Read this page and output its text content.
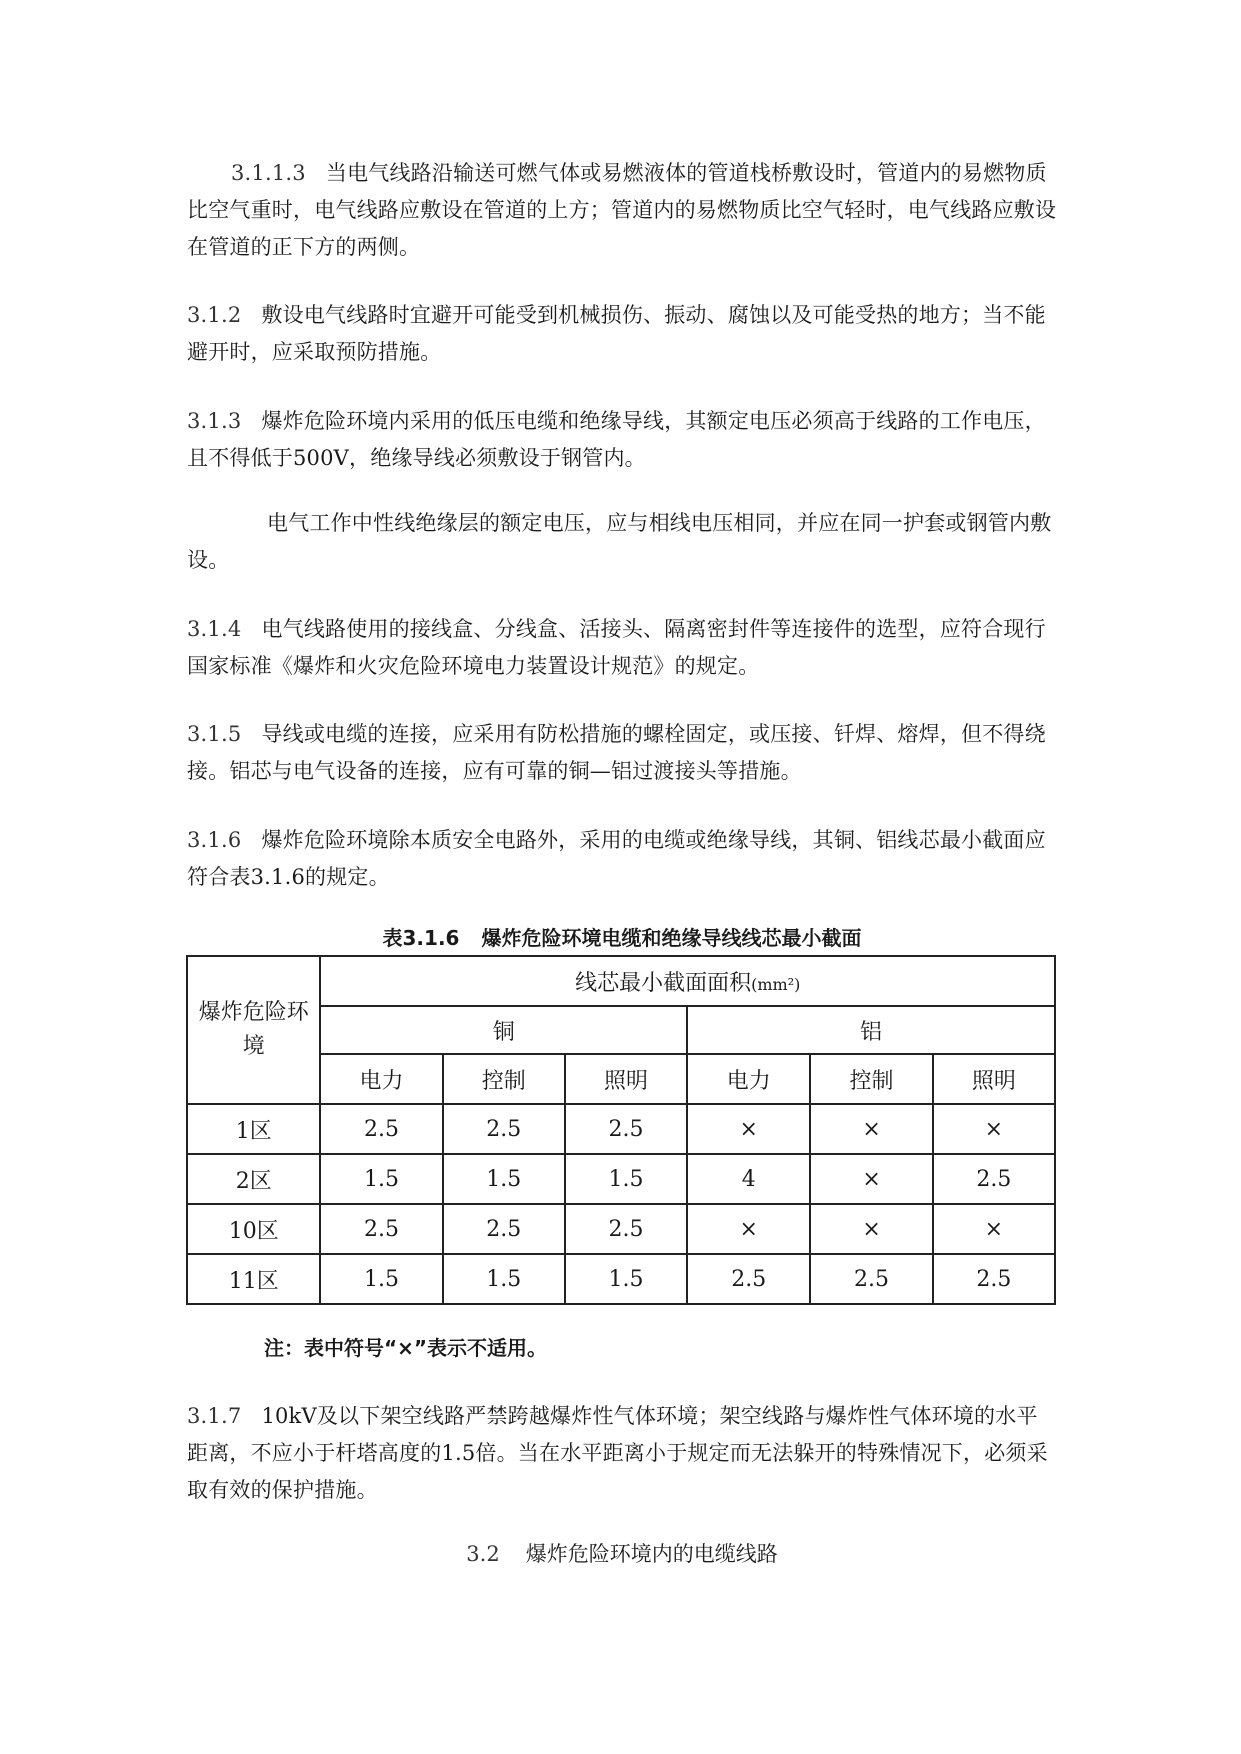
3.1.1.3 当电气线路沿输送可燃气体或易燃液体的管道栈桥敷设时，管道内的易燃物质比空气重时，电气线路应敷设在管道的上方；管道内的易燃物质比空气轻时，电气线路应敷设在管道的正下方的两侧。

3.1.2 敷设电气线路时宜避开可能受到机械损伤、振动、腐蚀以及可能受热的地方；当不能避开时，应采取预防措施。

3.1.3 爆炸危险环境内采用的低压电缆和绝缘导线，其额定电压必须高于线路的工作电压，且不得低于500V，绝缘导线必须敷设于钢管内。

电气工作中性线绝缘层的额定电压，应与相线电压相同，并应在同一护套或钢管内敷设。

3.1.4 电气线路使用的接线盒、分线盒、活接头、隔离密封件等连接件的选型，应符合现行国家标准《爆炸和火灾危险环境电力装置设计规范》的规定。

3.1.5 导线或电缆的连接，应采用有防松措施的螺栓固定，或压接、钎焊、熔焊，但不得绕接。铝芯与电气设备的连接，应有可靠的铜—铝过渡接头等措施。

3.1.6 爆炸危险环境除本质安全电路外，采用的电缆或绝缘导线，其铜、铝线芯最小截面应符合表3.1.6的规定。

表3.1.6 爆炸危险环境电缆和绝缘导线线芯最小截面
爆炸危险环境	线芯最小截面面积(mm²)					
	铜			铝		
	电力	控制	照明	电力	控制	照明
1区	2.5	2.5	2.5	×	×	×
2区	1.5	1.5	1.5	4	×	2.5
10区	2.5	2.5	2.5	×	×	×
11区	1.5	1.5	1.5	2.5	2.5	2.5
注：表中符号“×”表示不适用。

3.1.7 10kV及以下架空线路严禁跨越爆炸性气体环境；架空线路与爆炸性气体环境的水平距离，不应小于杆塔高度的1.5倍。当在水平距离小于规定而无法躲开的特殊情况下，必须采取有效的保护措施。

3.2 爆炸危险环境内的电缆线路
